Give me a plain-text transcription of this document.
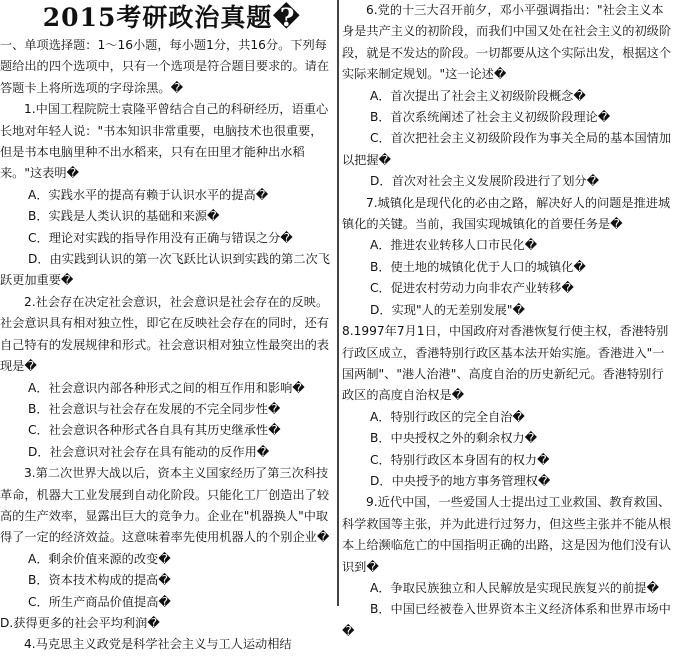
2015考研政治真题�

一、单项选择题：1～16小题，每小题1分，共16分。下列每题给出的四个选项中，只有一个选项是符合题目要求的。请在答题卡上将所选项的字母涂黑。�

1.中国工程院院士袁隆平曾结合自己的科研经历，语重心长地对年轻人说："书本知识非常重要，电脑技术也很重要，但是书本电脑里种不出水稻来，只有在田里才能种出水稻来。"这表明�

A．实践水平的提高有赖于认识水平的提高�

B．实践是人类认识的基础和来源�

C．理论对实践的指导作用没有正确与错误之分�

D．由实践到认识的第一次飞跃比认识到实践的第二次飞跃更加重要�

2.社会存在决定社会意识，社会意识是社会存在的反映。社会意识具有相对独立性，即它在反映社会存在的同时，还有自己特有的发展规律和形式。社会意识相对独立性最突出的表现是�

A．社会意识内部各种形式之间的相互作用和影响�

B．社会意识与社会存在发展的不完全同步性�

C．社会意识各种形式各自具有其历史继承性�

D．社会意识对社会存在具有能动的反作用�

3.第二次世界大战以后，资本主义国家经历了第三次科技革命，机器大工业发展到自动化阶段。只能化工厂创造出了较高的生产效率，显露出巨大的竞争力。企业在"机器换人"中取得了一定的经济效益。这意味着率先使用机器人的个别企业�

A．剩余价值来源的改变�

B．资本技术构成的提高�

C．所生产商品价值提高�

D.获得更多的社会平均利润�

4.马克思主义政党是科学社会主义与工人运动相结

6.党的十三大召开前夕，邓小平强调指出："社会主义本身是共产主义的初阶段，而我们中国又处在社会主义的初级阶段，就是不发达的阶段。一切都要从这个实际出发，根据这个实际来制定规划。"这一论述�

A．首次提出了社会主义初级阶段概念�

B．首次系统阐述了社会主义初级阶段理论�

C．首次把社会主义初级阶段作为事关全局的基本国情加以把握�

D．首次对社会主义发展阶段进行了划分�

7.城镇化是现代化的必由之路，解决好人的问题是推进城镇化的关键。当前，我国实现城镇化的首要任务是�

A．推进农业转移人口市民化�

B．使土地的城镇化优于人口的城镇化�

C．促进农村劳动力向非农产业转移�

D．实现"人的无差别发展"�

8.1997年7月1日，中国政府对香港恢复行使主权，香港特别行政区成立，香港特别行政区基本法开始实施。香港进入"一国两制"、"港人治港"、高度自治的历史新纪元。香港特别行政区的高度自治权是�

A．特别行政区的完全自治�

B．中央授权之外的剩余权力�

C．特别行政区本身固有的权力�

D．中央授予的地方事务管理权�

9.近代中国，一些爱国人士提出过工业救国、教育救国、科学救国等主张，并为此进行过努力，但这些主张并不能从根本上给濒临危亡的中国指明正确的出路，这是因为他们没有认识到�

A．争取民族独立和人民解放是实现民族复兴的前提�

B．中国已经被卷入世界资本主义经济体系和世界市场中�
